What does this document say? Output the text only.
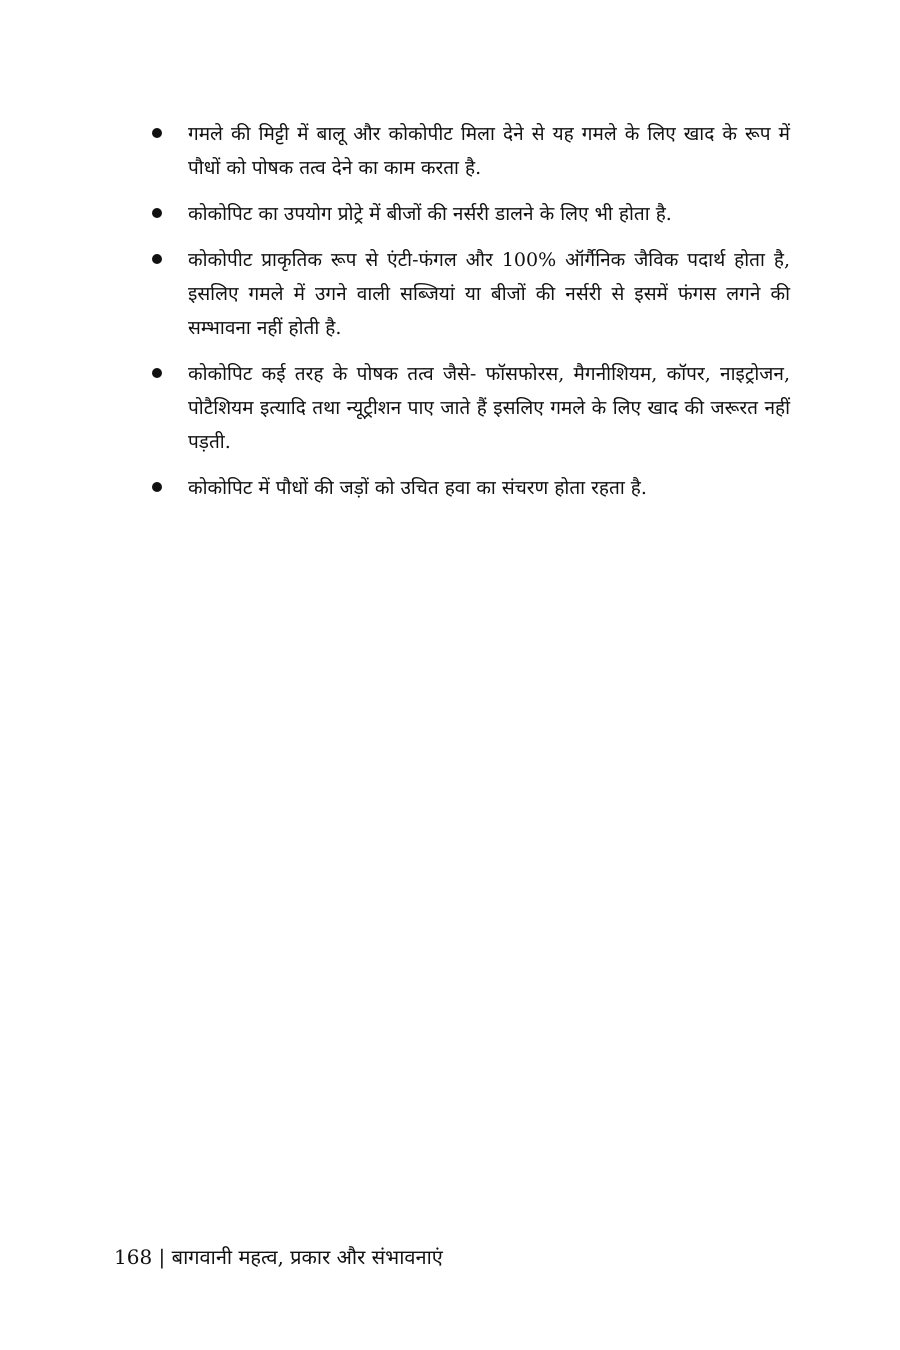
गमले की मिट्टी में बालू और कोकोपीट मिला देने से यह गमले के लिए खाद के रूप में पौधों को पोषक तत्व देने का काम करता है.
कोकोपिट का उपयोग प्रोट्रे में बीजों की नर्सरी डालने के लिए भी होता है.
कोकोपीट प्राकृतिक रूप से एंटी-फंगल और 100% ऑर्गैनिक जैविक पदार्थ होता है, इसलिए गमले में उगने वाली सब्जियां या बीजों की नर्सरी से इसमें फंगस लगने की सम्भावना नहीं होती है.
कोकोपिट कई तरह के पोषक तत्व जैसे- फॉसफोरस, मैगनीशियम, कॉपर, नाइट्रोजन, पोटैशियम इत्यादि तथा न्यूट्रीशन पाए जाते हैं इसलिए गमले के लिए खाद की जरूरत नहीं पड़ती.
कोकोपिट में पौधों की जड़ों को उचित हवा का संचरण होता रहता है.
168 | बागवानी महत्व, प्रकार और संभावनाएं
